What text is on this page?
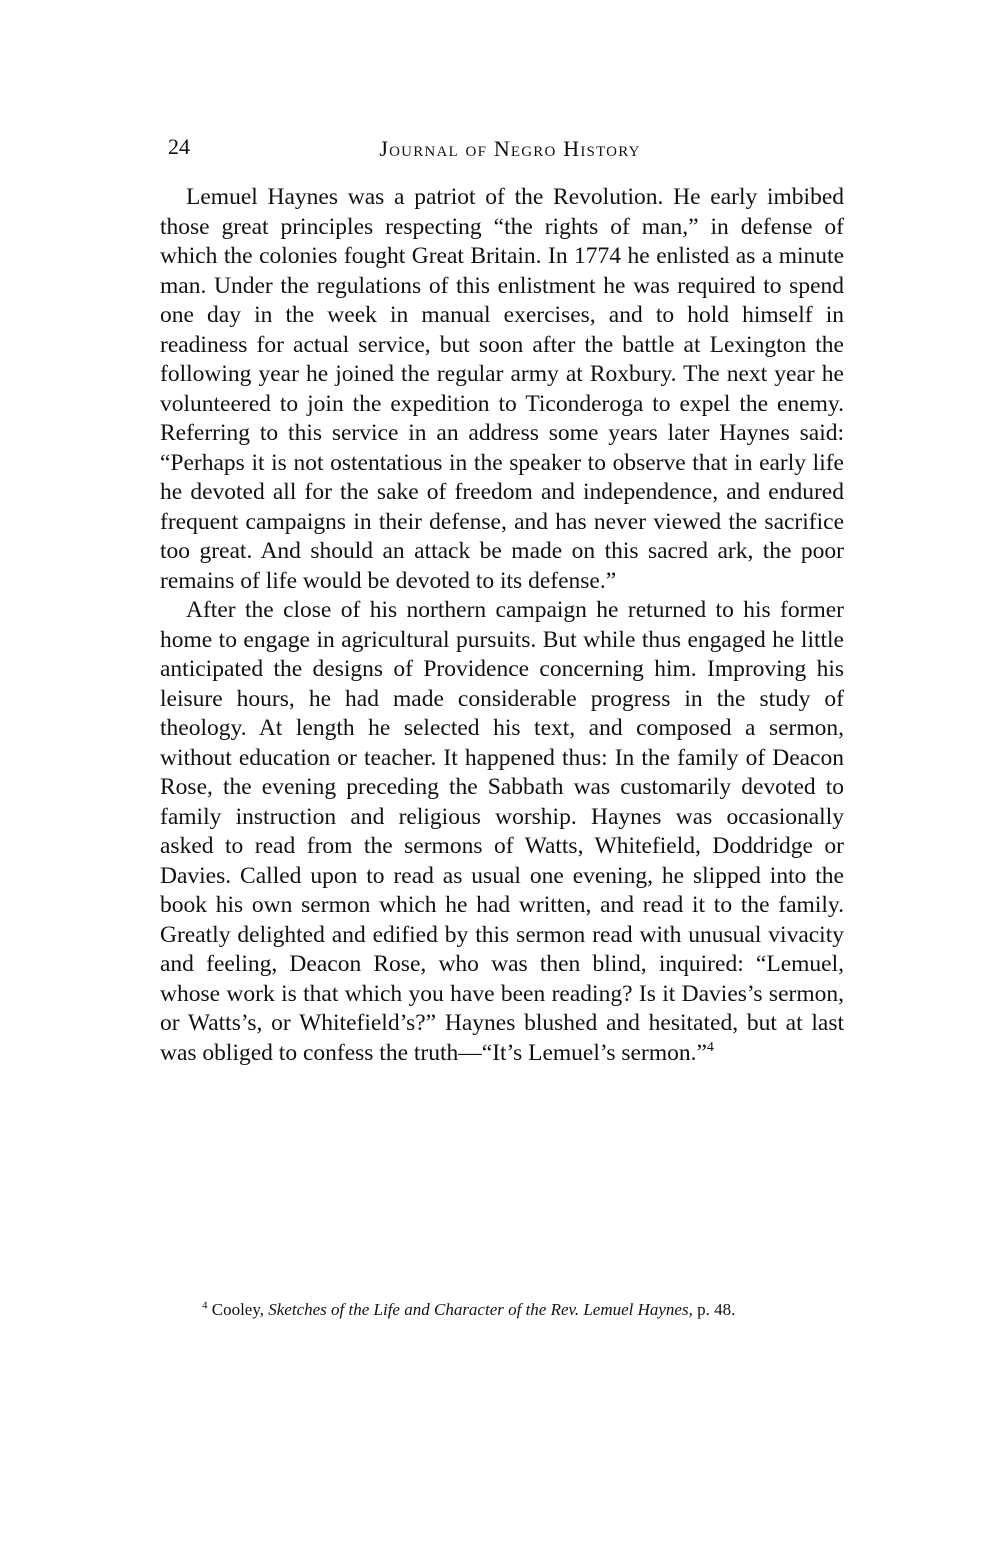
24	Journal of Negro History

Lemuel Haynes was a patriot of the Revolution. He early imbibed those great principles respecting “the rights of man,” in defense of which the colonies fought Great Britain. In 1774 he enlisted as a minute man. Under the regulations of this enlistment he was required to spend one day in the week in manual exercises, and to hold himself in readiness for actual service, but soon after the battle at Lexington the following year he joined the regular army at Roxbury. The next year he volunteered to join the expedition to Ticonderoga to expel the enemy. Referring to this service in an address some years later Haynes said: “Perhaps it is not ostentatious in the speaker to observe that in early life he devoted all for the sake of freedom and independence, and endured frequent campaigns in their defense, and has never viewed the sacrifice too great. And should an attack be made on this sacred ark, the poor remains of life would be devoted to its defense.”

After the close of his northern campaign he returned to his former home to engage in agricultural pursuits. But while thus engaged he little anticipated the designs of Providence concerning him. Improving his leisure hours, he had made considerable progress in the study of theology. At length he selected his text, and composed a sermon, without education or teacher. It happened thus: In the family of Deacon Rose, the evening preceding the Sabbath was customarily devoted to family instruction and religious worship. Haynes was occasionally asked to read from the sermons of Watts, Whitefield, Doddridge or Davies. Called upon to read as usual one evening, he slipped into the book his own sermon which he had written, and read it to the family. Greatly delighted and edified by this sermon read with unusual vivacity and feeling, Deacon Rose, who was then blind, inquired: “Lemuel, whose work is that which you have been reading? Is it Davies’s sermon, or Watts’s, or Whitefield’s?” Haynes blushed and hesitated, but at last was obliged to confess the truth—“It’s Lemuel’s sermon.”$^4$

$^4$ Cooley, Sketches of the Life and Character of the Rev. Lemuel Haynes, p. 48.
